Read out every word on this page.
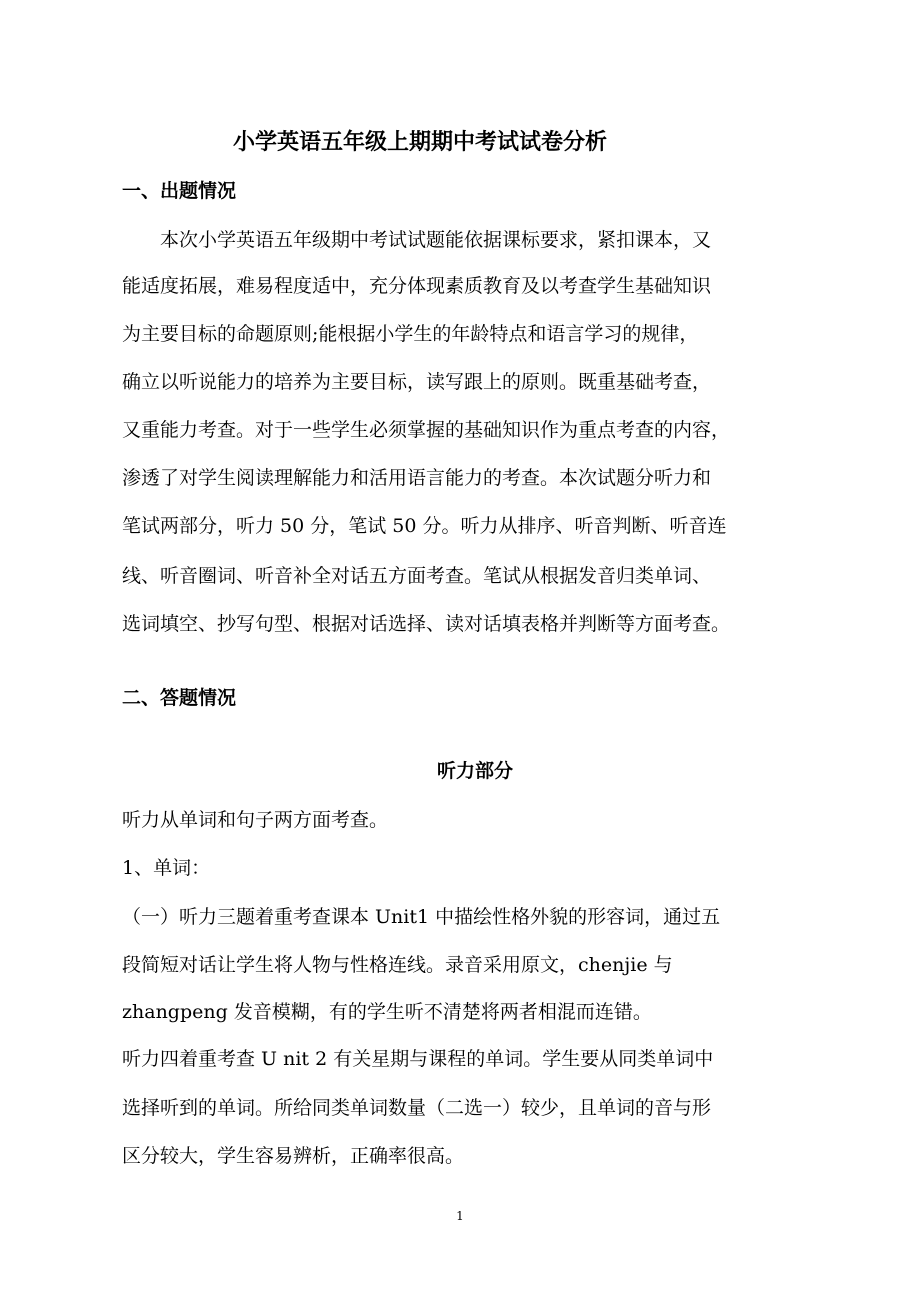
小学英语五年级上期期中考试试卷分析
一、出题情况
本次小学英语五年级期中考试试题能依据课标要求，紧扣课本，又
能适度拓展，难易程度适中，充分体现素质教育及以考查学生基础知识
为主要目标的命题原则;能根据小学生的年龄特点和语言学习的规律，
确立以听说能力的培养为主要目标，读写跟上的原则。既重基础考查，
又重能力考查。对于一些学生必须掌握的基础知识作为重点考查的内容，
渗透了对学生阅读理解能力和活用语言能力的考查。本次试题分听力和
笔试两部分，听力 50 分，笔试 50 分。听力从排序、听音判断、听音连
线、听音圈词、听音补全对话五方面考查。笔试从根据发音归类单词、
选词填空、抄写句型、根据对话选择、读对话填表格并判断等方面考查。
二、答题情况
听力部分
听力从单词和句子两方面考查。
1、单词：
（一）听力三题着重考查课本 Unit1 中描绘性格外貌的形容词，通过五
段简短对话让学生将人物与性格连线。录音采用原文，chenjie 与
zhangpeng 发音模糊，有的学生听不清楚将两者相混而连错。
听力四着重考查 U nit 2 有关星期与课程的单词。学生要从同类单词中
选择听到的单词。所给同类单词数量（二选一）较少，且单词的音与形
区分较大，学生容易辨析，正确率很高。
1
